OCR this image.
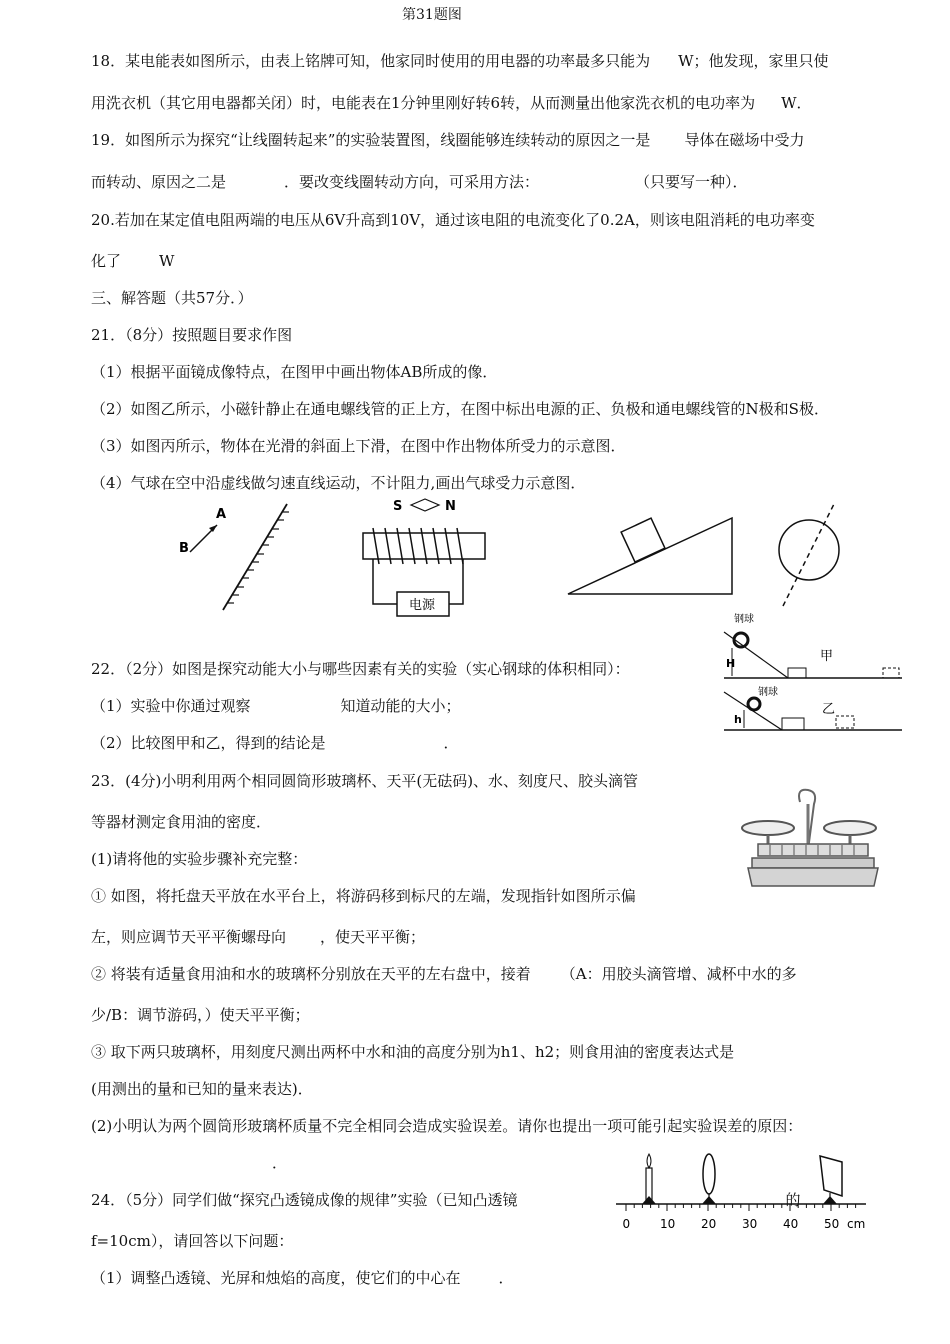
第31题图
18．某电能表如图所示，由表上铭牌可知，他家同时使用的用电器的功率最多只能为 W；他发现，家里只使
用洗衣机（其它用电器都关闭）时，电能表在1分钟里刚好转6转，从而测量出他家洗衣机的电功率为 W．
19．如图所示为探究“让线圈转起来”的实验装置图，线圈能够连续转动的原因之一是 导体在磁场中受力
而转动、原因之二是	．要改变线圈转动方向，可采用方法：	（只要写一种）．
20.若加在某定值电阻两端的电压从6V升高到10V，通过该电阻的电流变化了0.2A，则该电阻消耗的电功率变
化了	W
三、解答题（共57分．）
21．（8分）按照题目要求作图
（1）根据平面镜成像特点，在图甲中画出物体AB所成的像．
（2）如图乙所示，小磁针静止在通电螺线管的正上方，在图中标出电源的正、负极和通电螺线管的N极和S极．
（3）如图丙所示，物体在光滑的斜面上下滑，在图中作出物体所受力的示意图．
（4）气球在空中沿虚线做匀速直线运动，不计阻力,画出气球受力示意图．
A
B
S	N
电源
钢球
H	甲
钢球
h
乙
22．（2分）如图是探究动能大小与哪些因素有关的实验（实心钢球的体积相同）：
（1）实验中你通过观察	知道动能的大小；
（2）比较图甲和乙，得到的结论是	．
23．(4分)小明利用两个相同圆筒形玻璃杯、天平(无砝码)、水、刻度尺、胶头滴管
等器材测定食用油的密度．
(1)请将他的实验步骤补充完整：
① 如图，将托盘天平放在水平台上，将游码移到标尺的左端，发现指针如图所示偏
左，则应调节天平平衡螺母向 ，使天平平衡；
② 将装有适量食用油和水的玻璃杯分别放在天平的左右盘中，接着 （A：用胶头滴管增、减杯中水的多
少/B：调节游码，）使天平平衡；
③ 取下两只玻璃杯，用刻度尺测出两杯中水和油的高度分别为h1、h2；则食用油的密度表达式是
(用测出的量和已知的量来表达)．
(2)小明认为两个圆筒形玻璃杯质量不完全相同会造成实验误差。请你也提出一项可能引起实验误差的原因：
．
0 10 20 30 40 50 cm
24．（5分）同学们做“探究凸透镜成像的规律”实验（已知凸透镜	的
f=10cm），请回答以下问题：
（1）调整凸透镜、光屏和烛焰的高度，使它们的中心在	．
